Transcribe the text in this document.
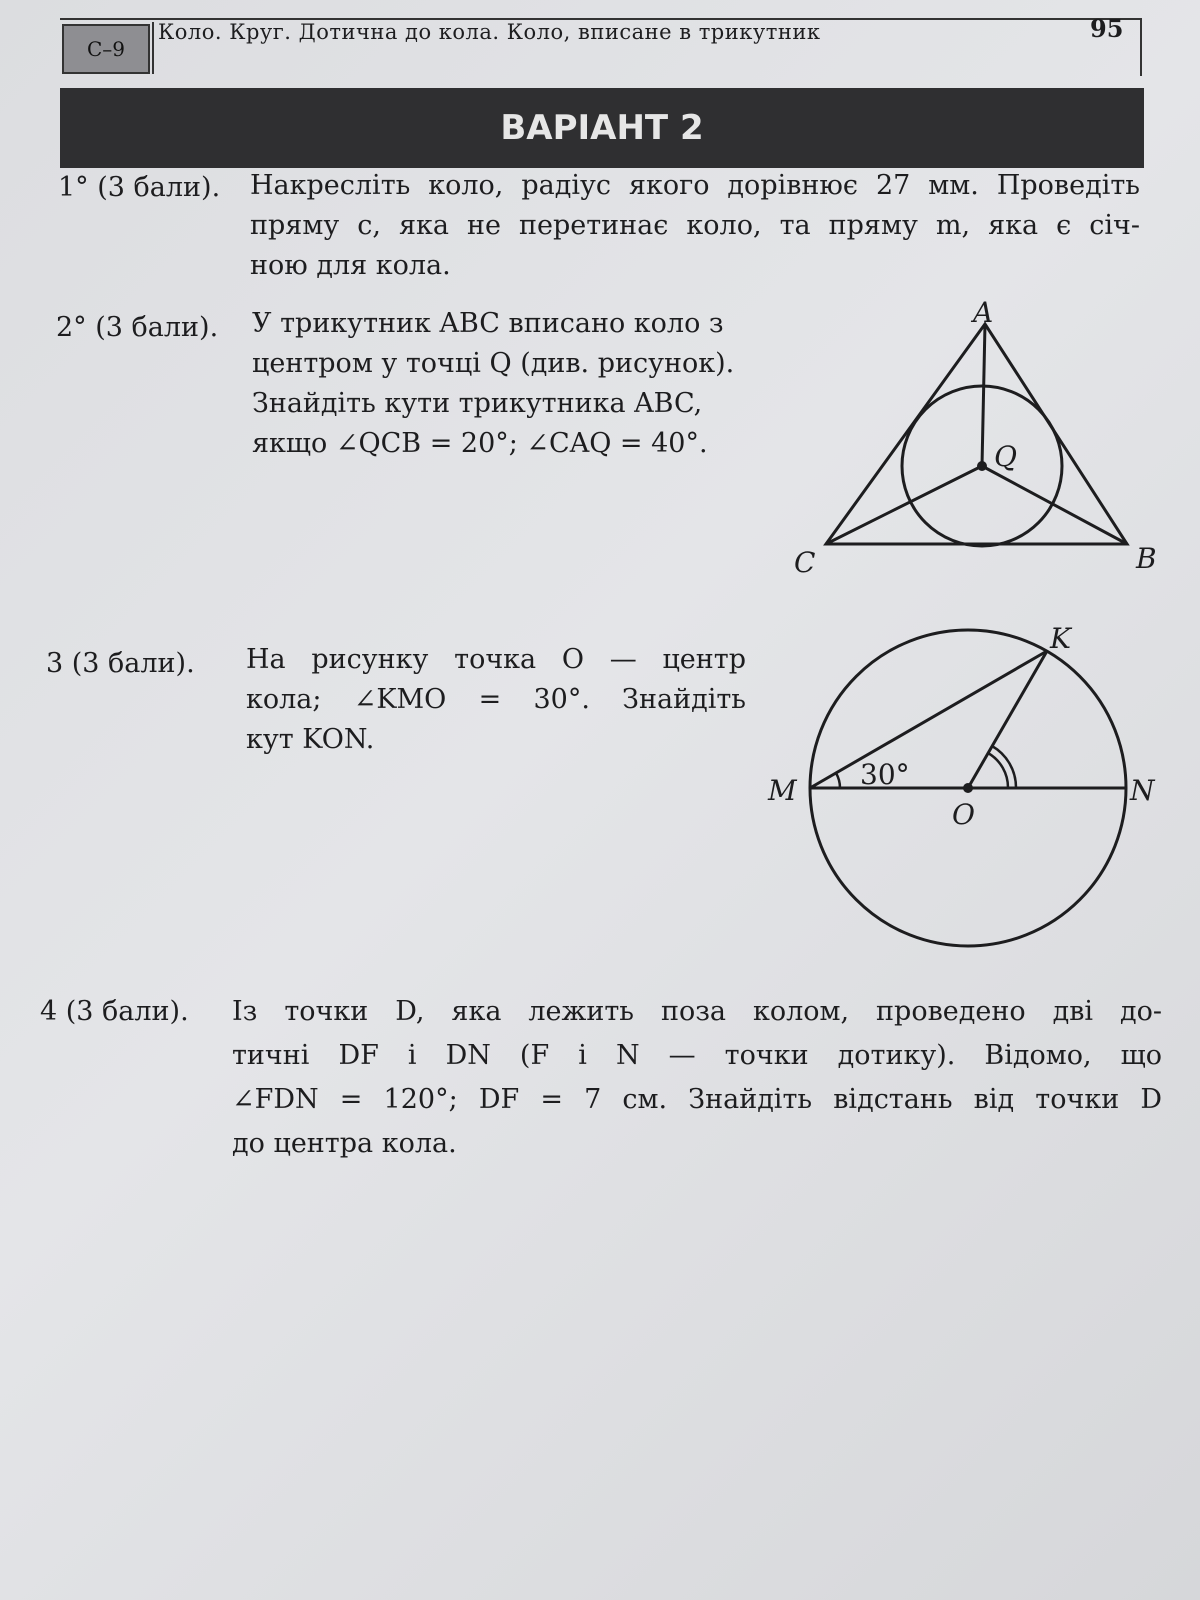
С–9
Коло. Круг. Дотична до кола. Коло, вписане в трикутник	95
ВАРІАНТ 2
1° (3 бали). Накресліть коло, радіус якого дорівнює 27 мм. Проведіть
пряму c, яка не перетинає коло, та пряму m, яка є січ-
ною для кола.
2° (3 бали). У трикутник ABC вписано коло з
центром у точці Q (див. рисунок).
Знайдіть кути трикутника ABC,
якщо ∠QCB = 20°; ∠CAQ = 40°.
A
B
C
Q
3 (3 бали). На рисунку точка O — центр
кола; ∠KMO = 30°. Знайдіть
кут KON.
K
M	N
O
30°
4 (3 бали). Із точки D, яка лежить поза колом, проведено дві до-
тичні DF і DN (F і N — точки дотику). Відомо, що
∠FDN = 120°; DF = 7 см. Знайдіть відстань від точки D
до центра кола.
